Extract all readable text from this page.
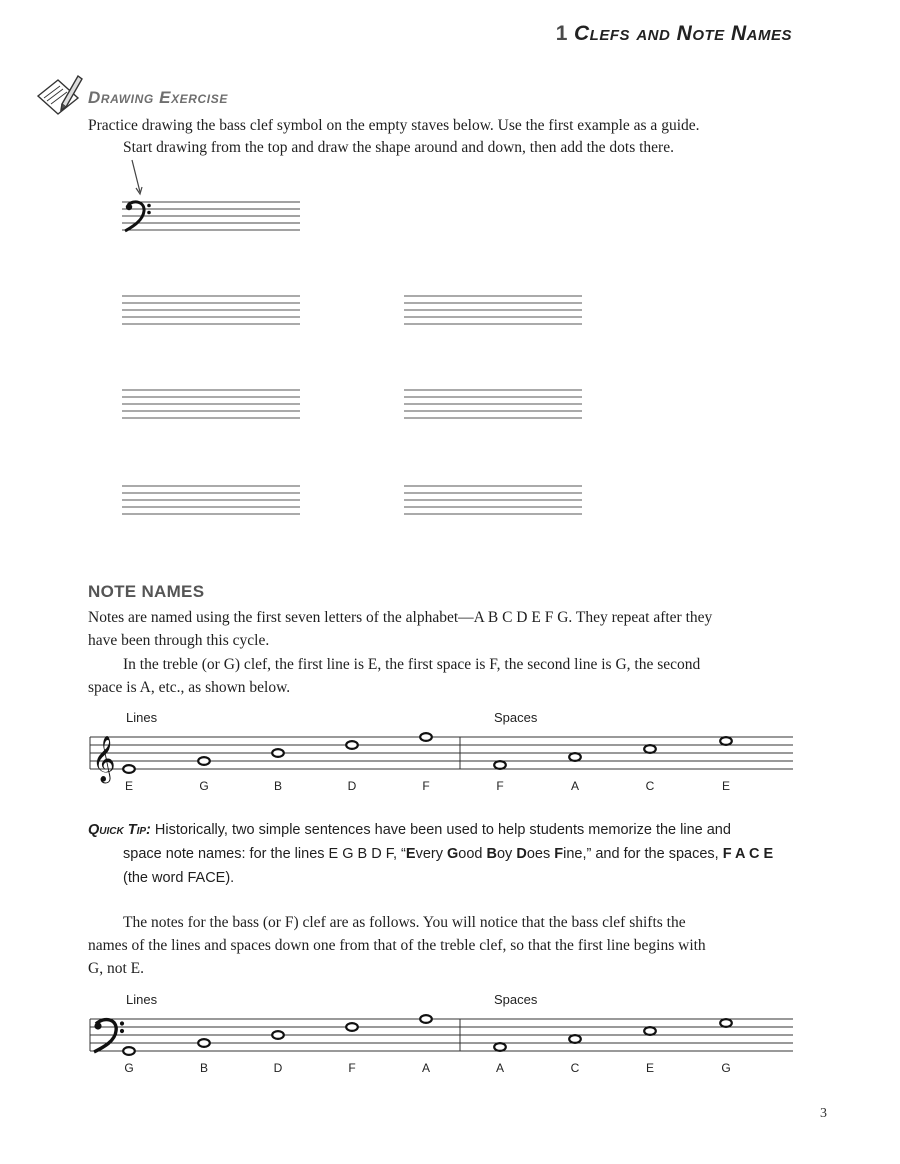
1 Clefs and Note Names
Drawing Exercise
Practice drawing the bass clef symbol on the empty staves below. Use the first example as a guide.
Start drawing from the top and draw the shape around and down, then add the dots there.
NOTE NAMES
Notes are named using the first seven letters of the alphabet—A B C D E F G. They repeat after they
have been through this cycle.
In the treble (or G) clef, the first line is E, the first space is F, the second line is G, the second
space is A, etc., as shown below.
Lines	Spaces
𝄞
E	G	B	D	F	F	A	C	E
Quick Tip: Historically, two simple sentences have been used to help students memorize the line and
space note names: for the lines E G B D F, “Every Good Boy Does Fine,” and for the spaces, F A C E
(the word FACE).
The notes for the bass (or F) clef are as follows. You will notice that the bass clef shifts the
names of the lines and spaces down one from that of the treble clef, so that the first line begins with
G, not E.
Lines	Spaces
G	B	D	F	A	A	C	E	G
3
